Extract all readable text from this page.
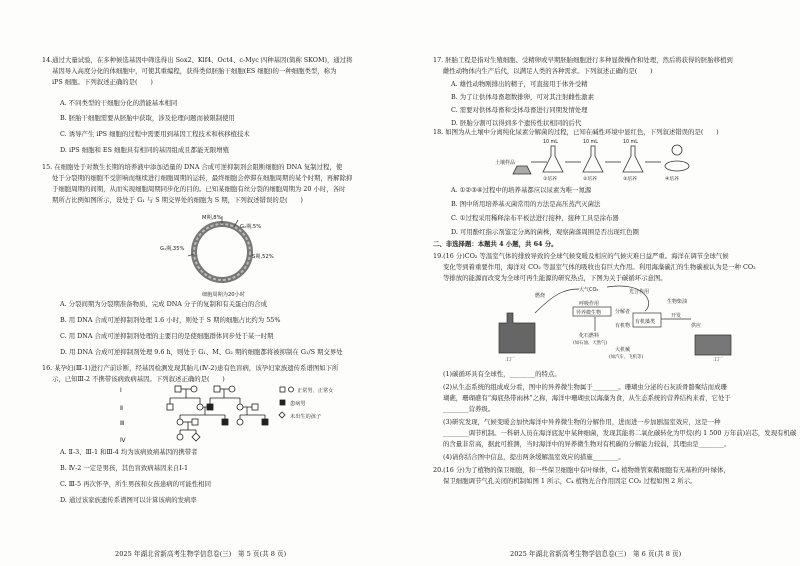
14.通过大量试验，在多种候选基因中筛选得出 Sox2、Klf4、Oct4、c-Myc 四种基因(简称 SKOM)，通过将
基因导入高度分化的体细胞中，可使其重编程，获得类似胚胎干细胞(ES 细胞)的一种细胞类型，称为
iPS 细胞。下列叙述正确的是(　　)
A. 不同类型的干细胞分化的潜能基本相同
B. 胚胎干细胞需要从胚胎中获取，涉及伦理问题而被限制使用
C. 诱导产生 iPS 细胞的过程中需要用到基因工程技术和核移植技术
D. iPS 细胞和 ES 细胞具有相同的基因组成且都能无限增殖
15. 在细胞处于对数生长期的培养液中添加适量的 DNA 合成可逆抑制剂会阻断细胞的 DNA 复制过程，使
处于分裂期的细胞不受影响而继续进行细胞周期的运转，最终细胞会停滞在细胞周期的某个时期，再解除抑
于细胞周期的间期，从而实现细胞周期同步化的目的。已知某细胞有丝分裂的细胞周期为 20 小时，各时
期所占比例如图所示，设处于 G₁ 与 S 期交界处的细胞为 S 期，下列叙述错误的是(　　)
M期,8%
G₂期,5%
S期,52%
G₁期,35%
细胞周期为20小时
A. 分裂间期为分裂期准备物质，完成 DNA 分子的复制和有关蛋白的合成
B. 用 DNA 合成可逆抑制剂处理 1.6 小时，则处于 S 期的细胞占比约为 55%
C. 用 DNA 合成可逆抑制剂处理的主要目的是使细胞群体同步处于某一时期
D. 用 DNA 合成可逆抑制剂处理 9.6 h，则处于 G₁、M、G₂ 期的细胞都将被抑制在 G₁/S 期交界处
16. 某孕妇(Ⅲ-1)进行产前诊断，经基因检测发现其胎儿(Ⅳ-2)患有色盲病，该孕妇家族遗传系谱图如下所
示，已知Ⅲ-2 不携带该病致病基因。下列叙述正确的是(　　)
Ⅰ
Ⅱ
Ⅲ
Ⅳ
正常男、正常女
患病男
未出生的孩子
A. Ⅱ-3、Ⅲ-1 和Ⅲ-4 均为该病致病基因的携带者
B. Ⅳ-2 一定是男孩，其色盲致病基因来自Ⅰ-1
C. Ⅲ-5 再次怀孕，所生男孩和女孩患病的可能性相同
D. 通过该家族遗传系谱图可以计算该病的发病率
2025 年湖北省新高考生物学信息卷(三)　第 5 页(共 8 页)
17. 胚胎工程是指对生殖细胞、受精卵或早期胚胎细胞进行多种显微操作和处理，然后将获得的胚胎移植到
雌性动物体内生产后代，以满足人类的各种需求。下列叙述正确的是(　　)
A. 雄性动物刚排出的精子，可直接用于体外受精
B. 为了让供体母畜超数排卵，可对其注射雌性激素
C. 需要对供体母畜和受体母畜进行同期发情处理
D. 胚胎分割可以得到多个遗传性状相同的后代
18. 如图为从土壤中分离纯化尿素分解菌的过程，已知在碱性环境中显红色，下列叙述错误的是(　　)
土壤样品
10 mL	10 mL	10 mL
①培养	②培养	③培养	④培养
A. ①②③④过程中的培养基都应以尿素为唯一氮源
B. 图中所用培养基灭菌常用的方法是高压蒸汽灭菌法
C. ①过程采用稀释涂布平板法进行接种，接种工具是涂布器
D. 可用酚红指示剂鉴定分离的菌株，观察菌落周围是否出现红色圈
二、非选择题：本题共 4 小题，共 64 分。
19.(16 分)CO₂ 等温室气体的排放导致的全球气候变暖及相应的气候灾难日益严重。海洋在调节全球气候
变化等到着重要作用，海洋对 CO₂ 等温室气体的吸收也有巨大作用。利用海藻碳汇的生物碳被认为是一种 CO₂
等排放的能源而改变为全球可再生能源的研究热点，下图为关于碳循环示意图。
大气CO₂	光合作用
燃烧
呼吸作用
异养微生物	分解者
有机物
有机藻类
化石燃料
(如石油、天然气)
生物柴油
开发
供应
大机械
(如汽车、飞机等)
工厂	工厂
(1)碳循环具有全球性，________的特点。
(2)从生态系统的组成成分看，图中的异养微生物属于________。珊瑚虫分泌的石灰质骨骼聚结而成珊
瑚礁，珊瑚礁有“海底热带雨林”之称，海洋中珊瑚虫以海藻为食，从生态系统的营养结构来看，它处于
________营养级。
(3)研究发现，气候变暖会加快海洋中异养微生物的分解作用，进而进一步加剧温室效应，这是一种
________调节机制。一科研人员在海洋底泥中某种细菌，发现其能将二氧化碳转化为甲烷(约 1 500 万年前)岩芯，发现有机碳
的含量非常高，据此可推测，当时海洋中的异养微生物对有机碳的分解能力较弱，其理由是________。
(4)请你结合图中信息，提出两条缓解温室效应的措施________。
20.(16 分)为了植物的保卫细胞，和一些保卫细胞中有叶绿体，C₄ 植物维管束鞘细胞有无基粒的叶绿体，
保卫细胞调节气孔关闭的机制如图 1 所示，C₄ 植物光合作用固定 CO₂ 过程如图 2 所示。
2025 年湖北省新高考生物学信息卷(三)　第 6 页(共 8 页)
